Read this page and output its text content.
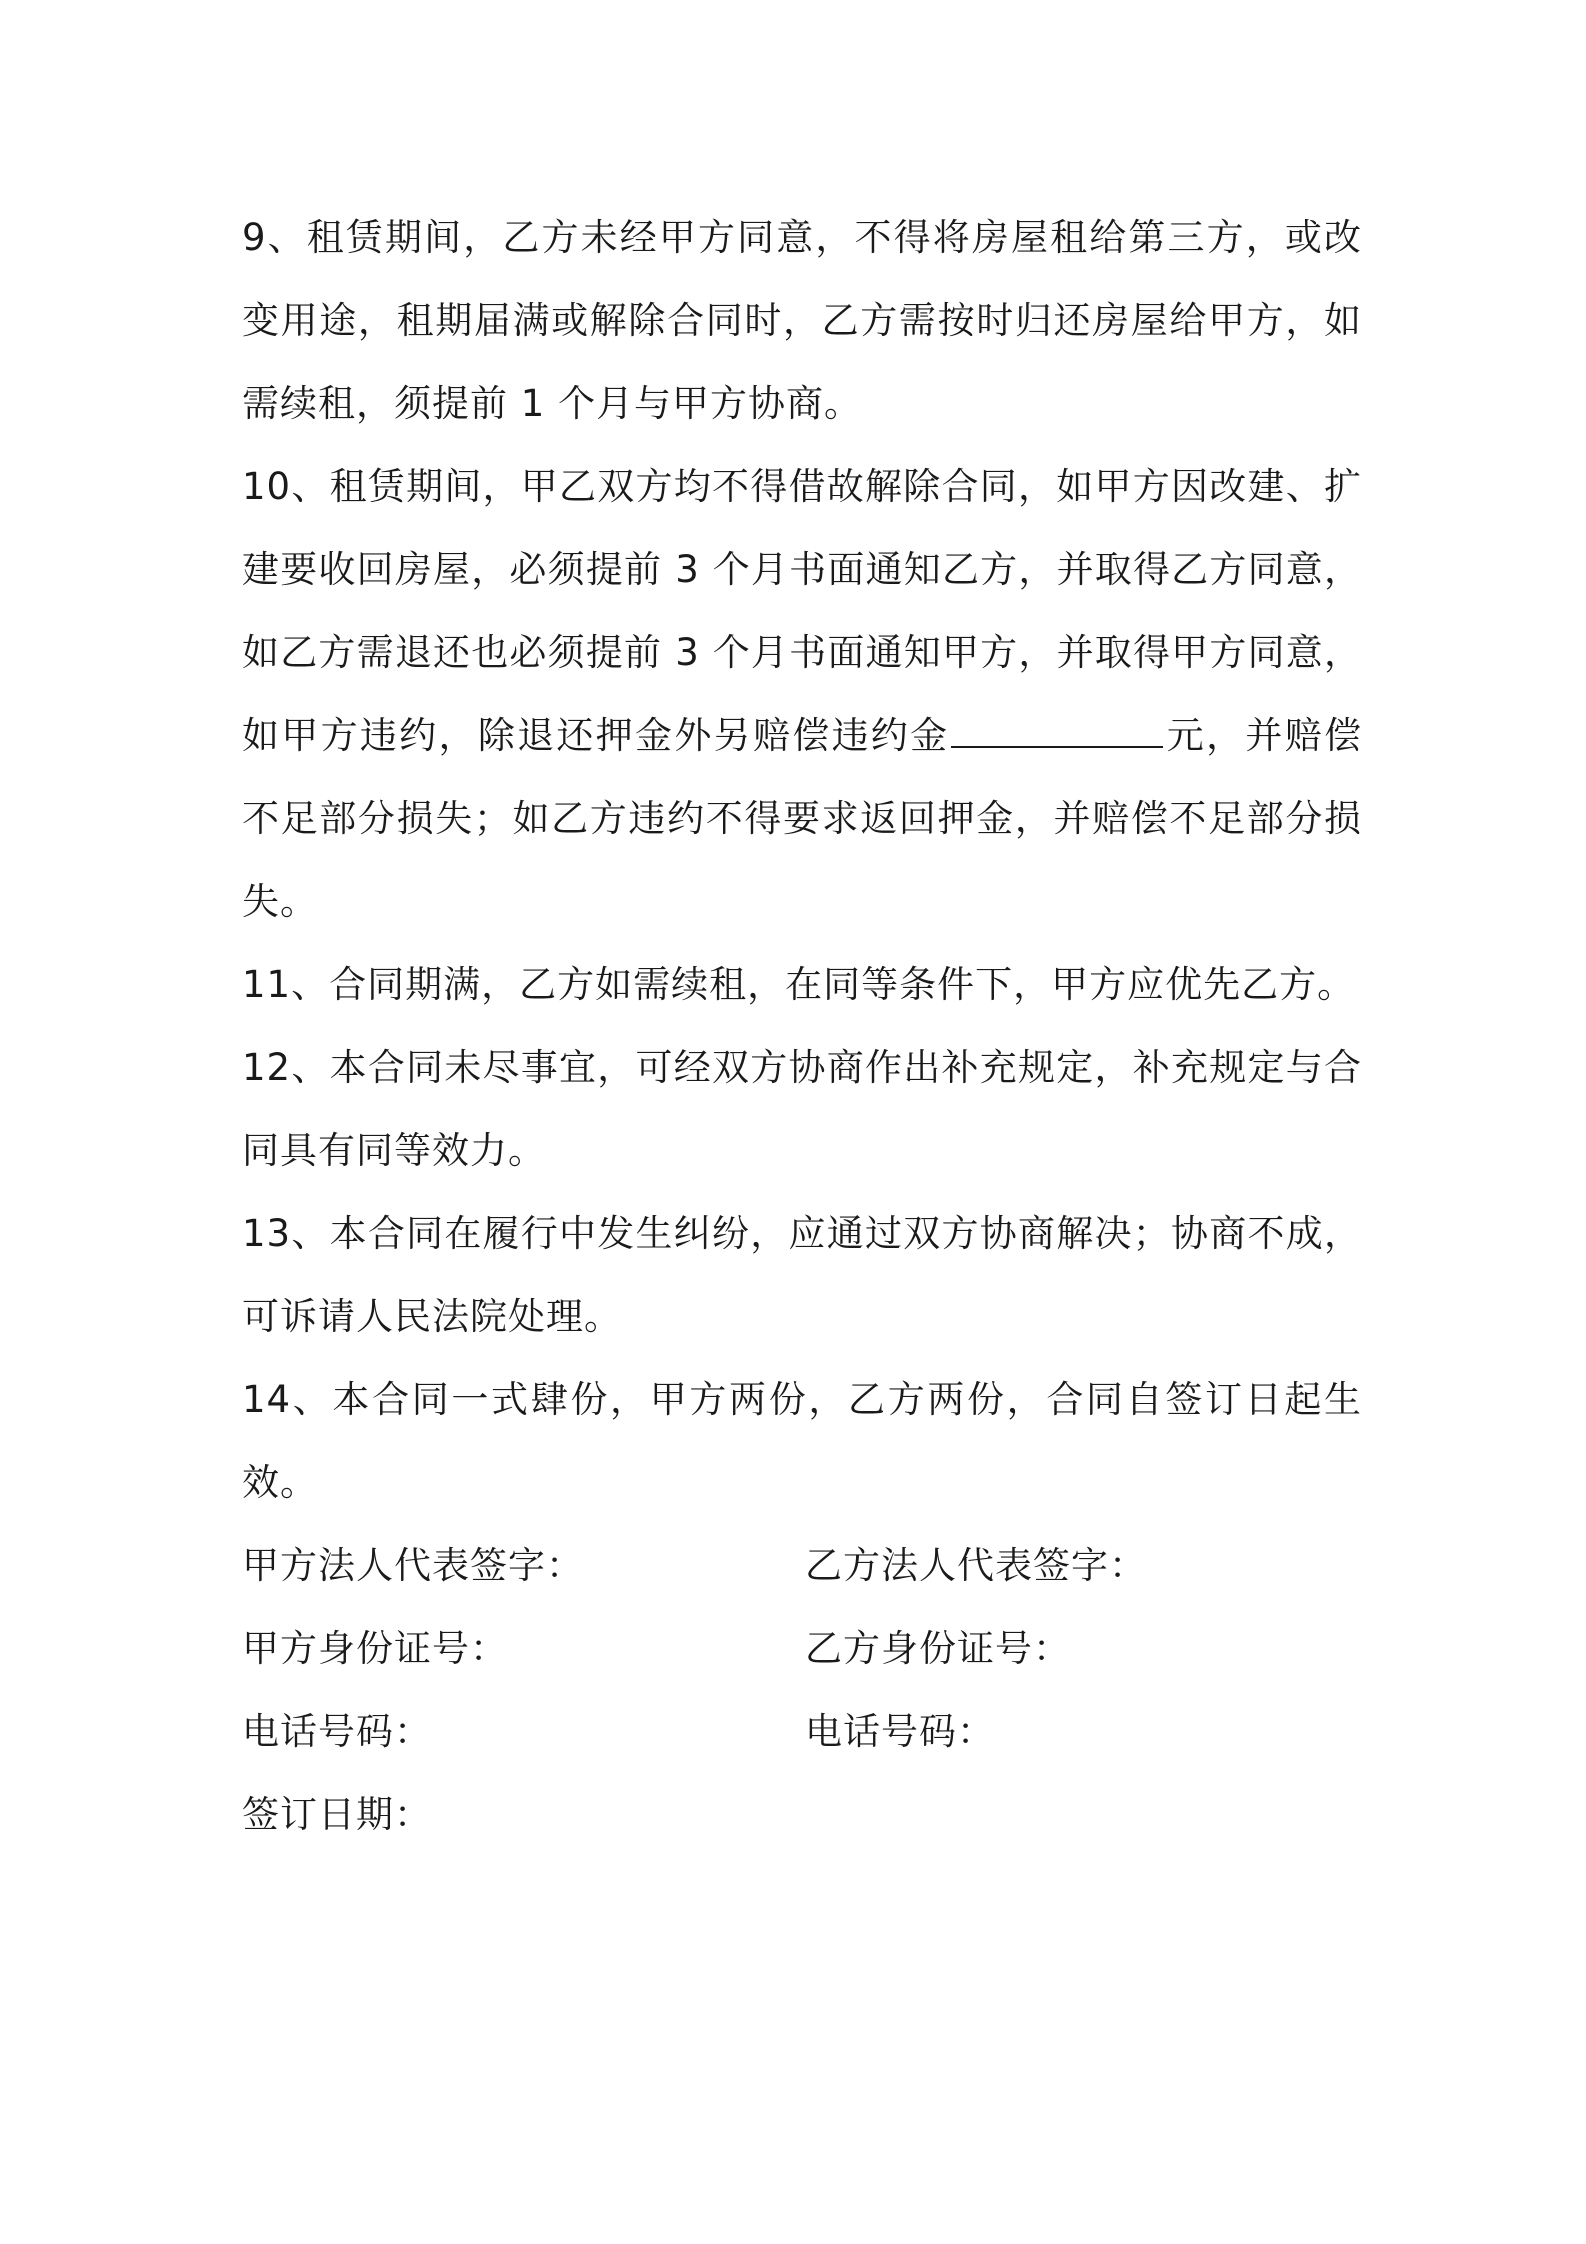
9、租赁期间，乙方未经甲方同意，不得将房屋租给第三方，或改变用途，租期届满或解除合同时，乙方需按时归还房屋给甲方，如需续租，须提前 1 个月与甲方协商。

10、租赁期间，甲乙双方均不得借故解除合同，如甲方因改建、扩建要收回房屋，必须提前 3 个月书面通知乙方，并取得乙方同意，如乙方需退还也必须提前 3 个月书面通知甲方，并取得甲方同意，如甲方违约，除退还押金外另赔偿违约金	元，并赔偿不足部分损失；如乙方违约不得要求返回押金，并赔偿不足部分损失。

11、合同期满，乙方如需续租，在同等条件下，甲方应优先乙方。

12、本合同未尽事宜，可经双方协商作出补充规定，补充规定与合同具有同等效力。

13、本合同在履行中发生纠纷，应通过双方协商解决；协商不成，可诉请人民法院处理。

14、本合同一式肆份，甲方两份，乙方两份，合同自签订日起生效。

甲方法人代表签字：	乙方法人代表签字：
甲方身份证号：	乙方身份证号：
电话号码：	电话号码：
签订日期：
